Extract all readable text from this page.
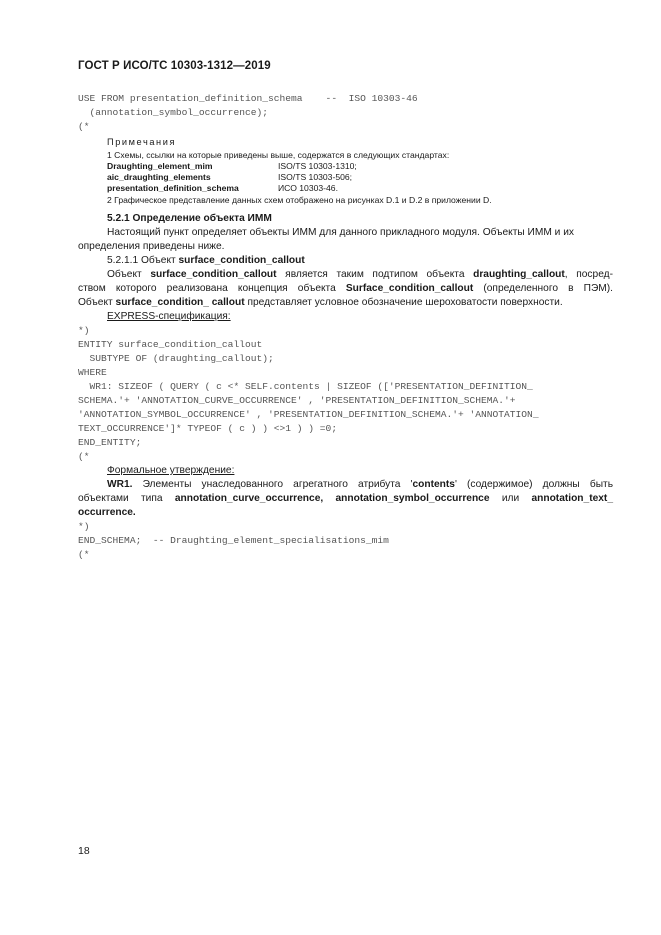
ГОСТ Р ИСО/ТС 10303-1312—2019
USE FROM presentation_definition_schema    --  ISO 10303-46
(annotation_symbol_occurrence);
(*
Примечания
1 Схемы, ссылки на которые приведены выше, содержатся в следующих стандартах:
Draughting_element_mim	ISO/TS 10303-1310;
aic_draughting_elements	ISO/TS 10303-506;
presentation_definition_schema	ИСО 10303-46.
2 Графическое представление данных схем отображено на рисунках D.1 и D.2 в приложении D.
5.2.1 Определение объекта ИММ
Настоящий пункт определяет объекты ИММ для данного прикладного модуля. Объекты ИММ и их
определения приведены ниже.
5.2.1.1 Объект surface_condition_callout
Объект surface_condition_callout является таким подтипом объекта draughting_callout, посред-
ством которого реализована концепция объекта Surface_condition_callout (определенного в ПЭМ).
Объект surface_condition_ callout представляет условное обозначение шероховатости поверхности.
EXPRESS-спецификация:
*)
ENTITY surface_condition_callout
SUBTYPE OF (draughting_callout);
WHERE
WR1: SIZEOF ( QUERY ( c <* SELF.contents | SIZEOF (['PRESENTATION_DEFINITION_
SCHEMA.'+ 'ANNOTATION_CURVE_OCCURRENCE' , 'PRESENTATION_DEFINITION_SCHEMA.'+
'ANNOTATION_SYMBOL_OCCURRENCE' , 'PRESENTATION_DEFINITION_SCHEMA.'+ 'ANNOTATION_
TEXT_OCCURRENCE']* TYPEOF ( c ) ) <>1 ) ) =0;
END_ENTITY;
(*
Формальное утверждение:
WR1. Элементы унаследованного агрегатного атрибута 'contents' (содержимое) должны быть
объектами типа annotation_curve_occurrence, annotation_symbol_occurrence или annotation_text_
occurrence.
*)
END_SCHEMA;  -- Draughting_element_specialisations_mim
(*
18
